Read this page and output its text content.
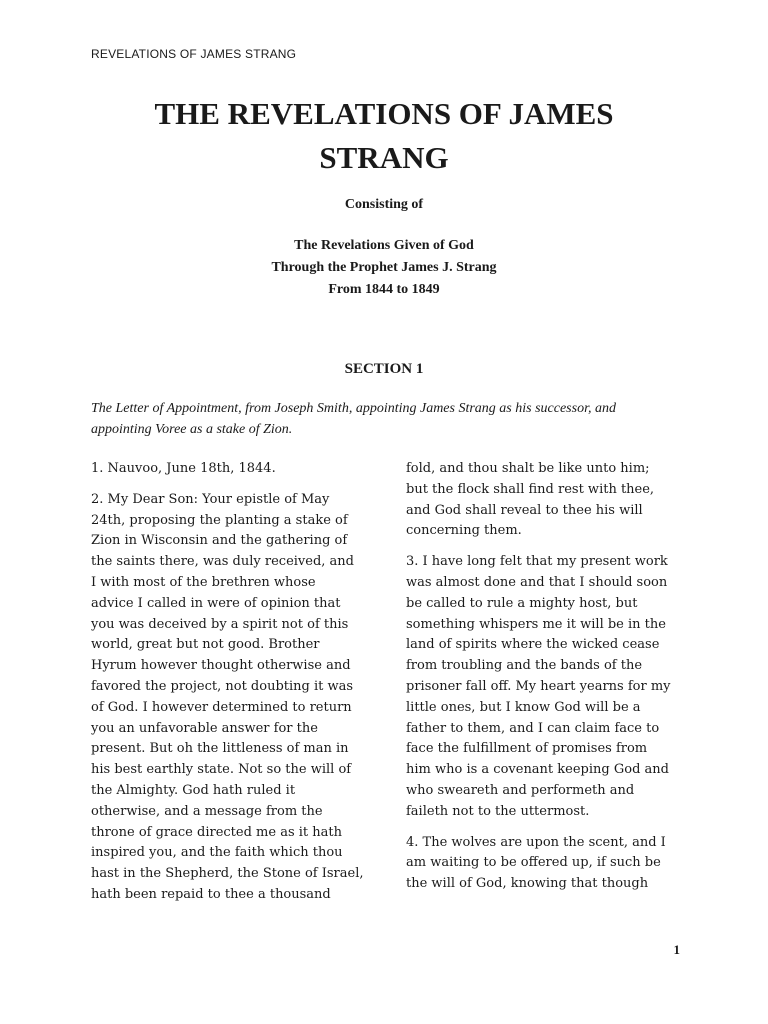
REVELATIONS OF JAMES STRANG
THE REVELATIONS OF JAMES
STRANG
Consisting of
The Revelations Given of God
Through the Prophet James J. Strang
From 1844 to 1849
SECTION 1
The Letter of Appointment, from Joseph Smith, appointing James Strang as his successor, and
appointing Voree as a stake of Zion.

1. Nauvoo, June 18th, 1844.

2. My Dear Son: Your epistle of May
24th, proposing the planting a stake of
Zion in Wisconsin and the gathering of
the saints there, was duly received, and
I with most of the brethren whose
advice I called in were of opinion that
you was deceived by a spirit not of this
world, great but not good. Brother
Hyrum however thought otherwise and
favored the project, not doubting it was
of God. I however determined to return
you an unfavorable answer for the
present. But oh the littleness of man in
his best earthly state. Not so the will of
the Almighty. God hath ruled it
otherwise, and a message from the
throne of grace directed me as it hath
inspired you, and the faith which thou
hast in the Shepherd, the Stone of Israel,
hath been repaid to thee a thousand

fold, and thou shalt be like unto him;
but the flock shall find rest with thee,
and God shall reveal to thee his will
concerning them.

3. I have long felt that my present work
was almost done and that I should soon
be called to rule a mighty host, but
something whispers me it will be in the
land of spirits where the wicked cease
from troubling and the bands of the
prisoner fall off. My heart yearns for my
little ones, but I know God will be a
father to them, and I can claim face to
face the fulfillment of promises from
him who is a covenant keeping God and
who sweareth and performeth and
faileth not to the uttermost.

4. The wolves are upon the scent, and I
am waiting to be offered up, if such be
the will of God, knowing that though

1
